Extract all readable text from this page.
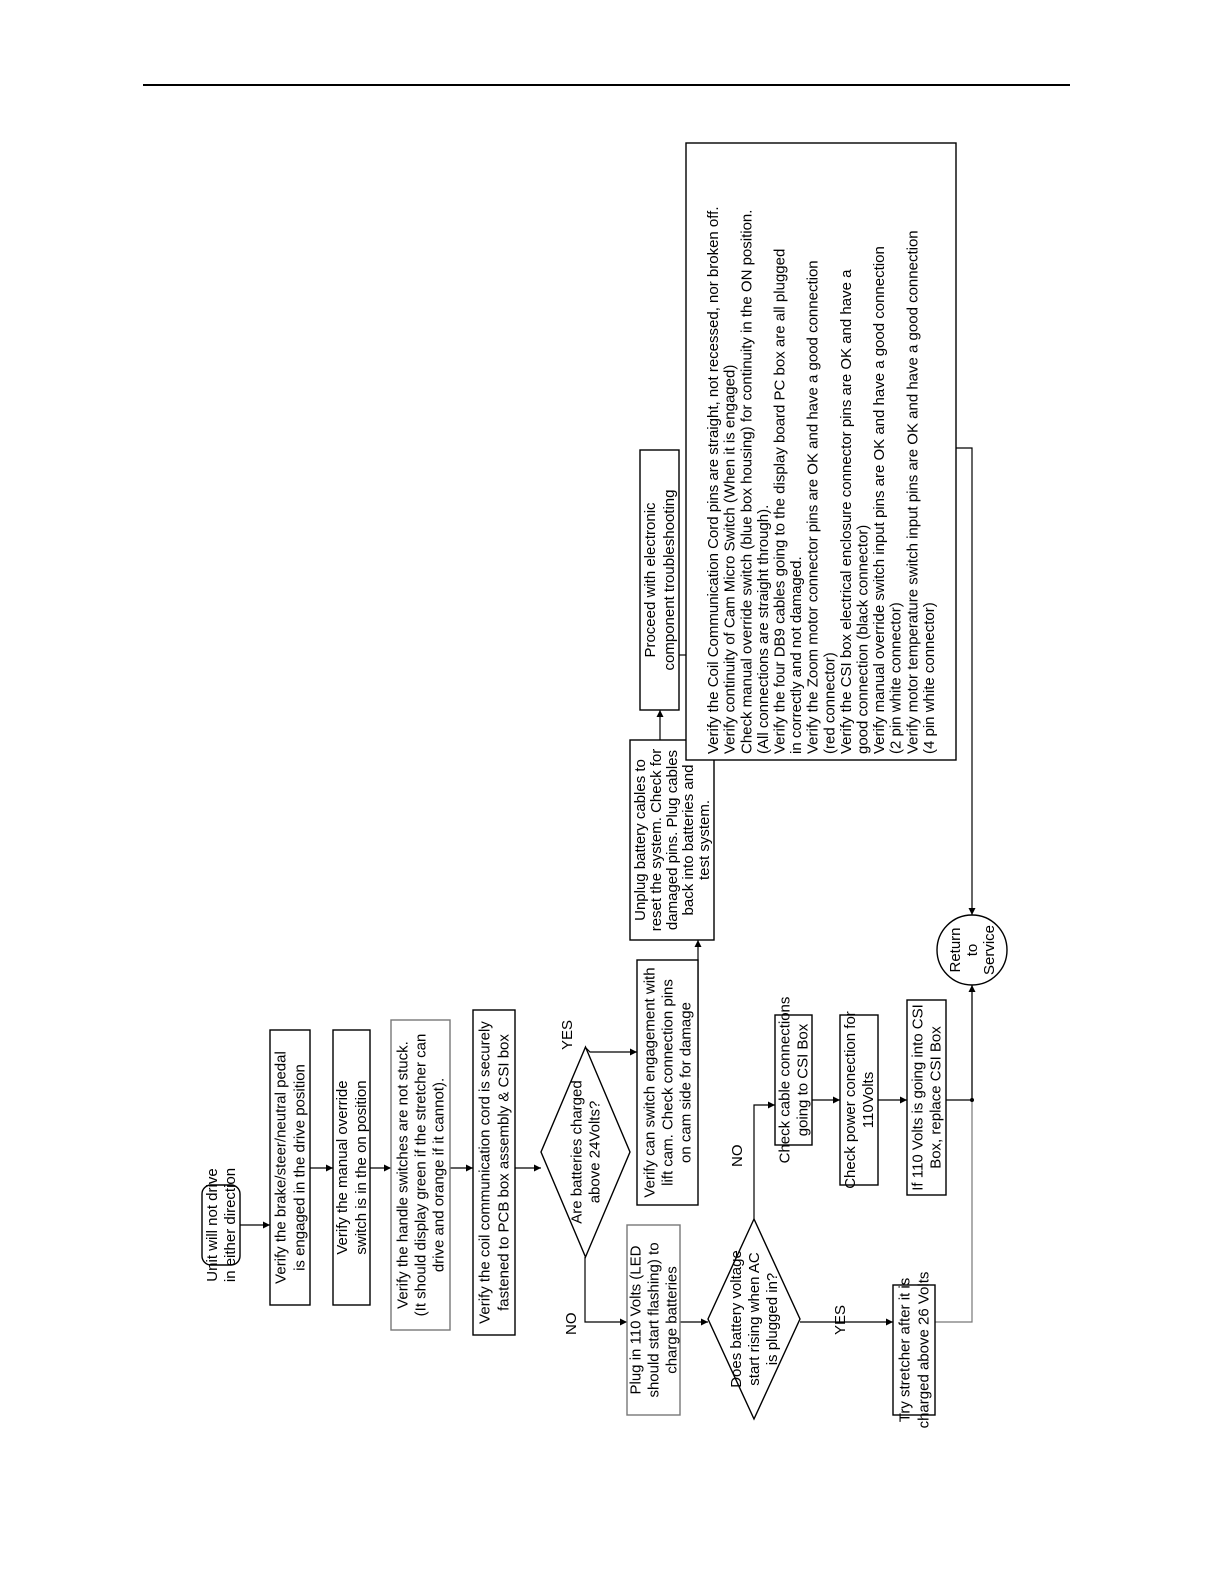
Unit will not drive in either direction Verify the brake/steer/neutral pedal is engaged in the drive position Verify the manual override switch is in the on position Verify the handle switches are not stuck. (It should display green if the stretcher can drive and orange if it cannot). Verify the coil communication cord is securely fastened to PCB box assembly & CSI box	Are batteries charged above 24Volts?
Plug in 110 Volts (LED should start flashing) to charge batteries	Does battery voltage start rising when AC is plugged in?	Try stretcher after it is charged above 26 Volts
Check cable connections going to CSI Box Check power conection for 110Volts If 110 Volts is going into CSI Box, replace CSI Box
Verify can switch engagement with lift cam. Check connection pins on cam side for damage
Unplug battery cables to reset the system. Check for damaged pins. Plug cables back into batteries and test system.
Proceed with electronic component troubleshooting Verify the Coil Communication Cord pins are straight, not recessed, nor broken off. Verify continuity of Cam Micro Switch (When it is engaged) Check manual override switch (blue box housing) for continuity in the ON position. (All connections are straight through). Verify the four DB9 cables going to the display board PC box are all plugged in correctly and not damaged. Verify the Zoom motor connector pins are OK and have a good connection (red connector) Verify the CSI box electrical enclosure connector pins are OK and have a good connection (black connector) Verify manual override switch input pins are OK and have a good connection (2 pin white connector) Verify motor temperature switch input pins are OK and have a good connection (4 pin white connector)
Return to Service
NO
YES
YES
NO
